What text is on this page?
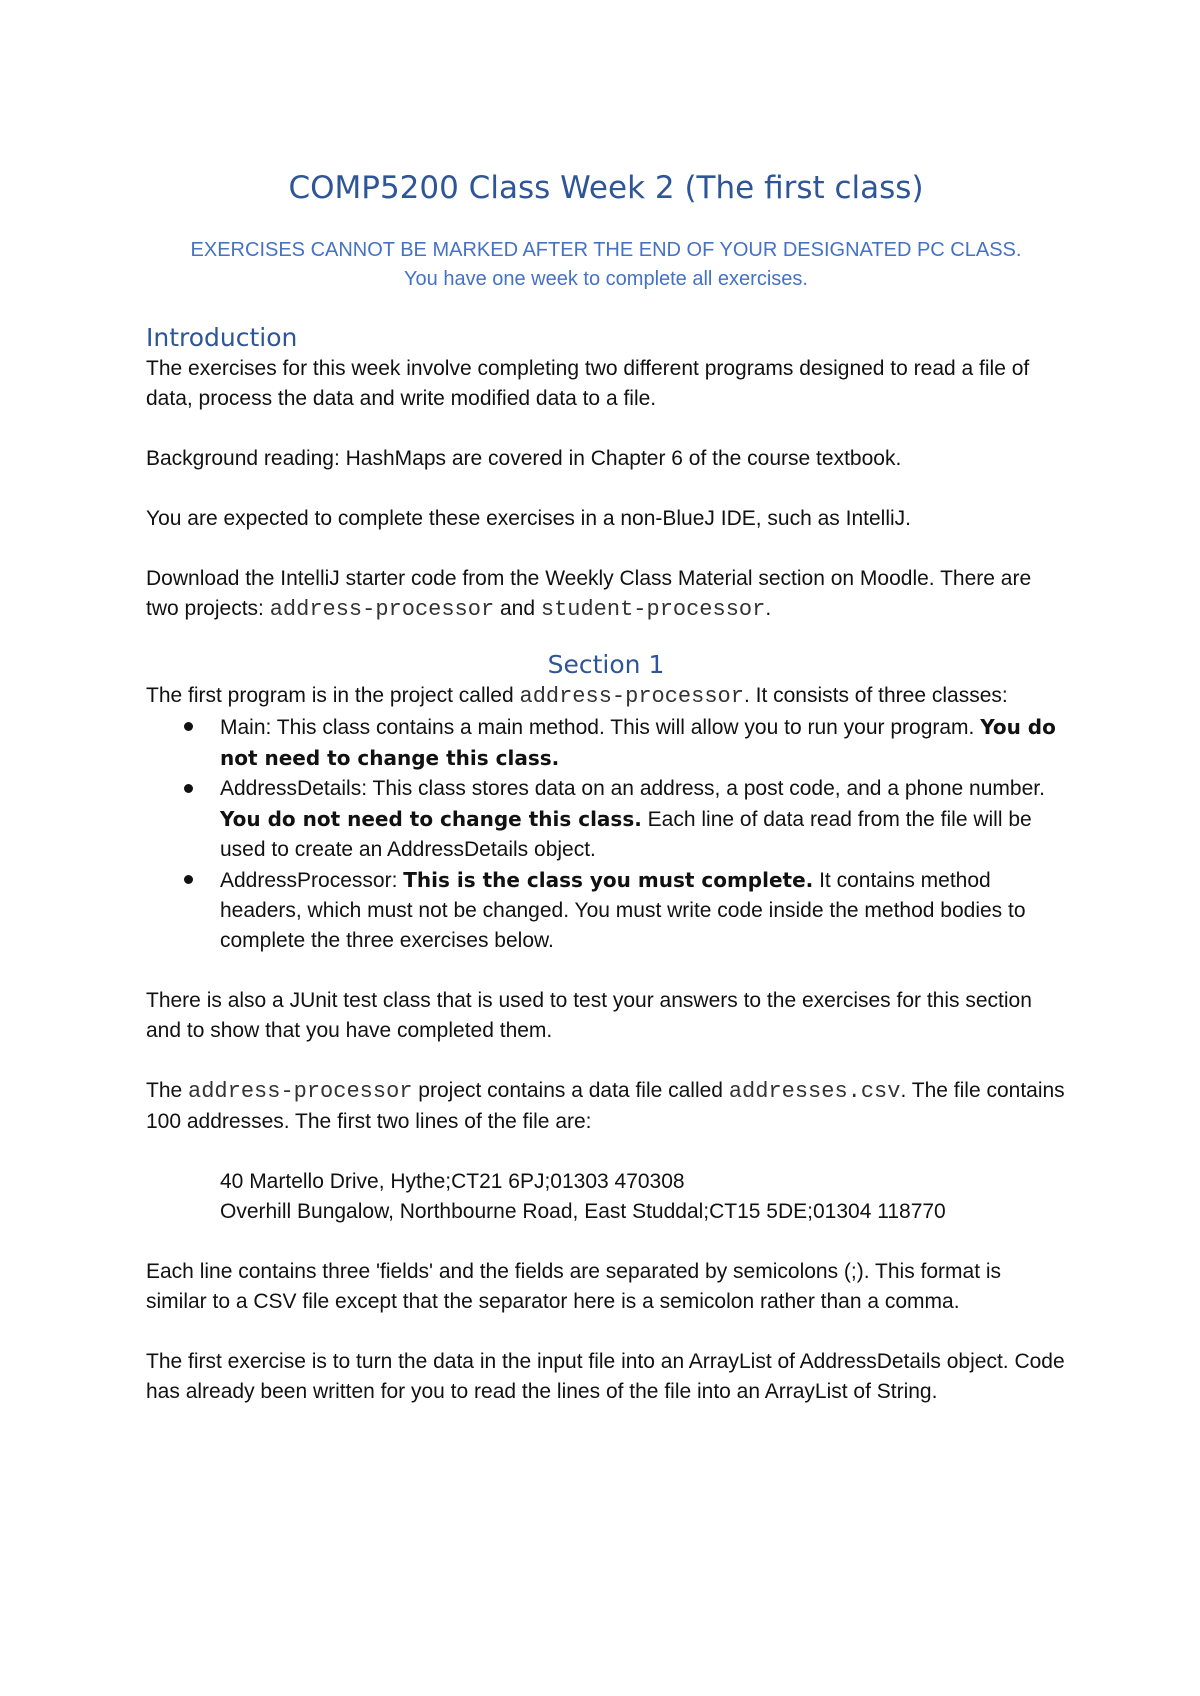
COMP5200 Class Week 2 (The first class)

EXERCISES CANNOT BE MARKED AFTER THE END OF YOUR DESIGNATED PC CLASS.

You have one week to complete all exercises.

Introduction

The exercises for this week involve completing two different programs designed to read a file of data, process the data and write modified data to a file.

Background reading: HashMaps are covered in Chapter 6 of the course textbook.

You are expected to complete these exercises in a non-BlueJ IDE, such as IntelliJ.

Download the IntelliJ starter code from the Weekly Class Material section on Moodle. There are two projects: address-processor and student-processor.

Section 1

The first program is in the project called address-processor. It consists of three classes:

Main: This class contains a main method. This will allow you to run your program. You do not need to change this class.
AddressDetails: This class stores data on an address, a post code, and a phone number. You do not need to change this class. Each line of data read from the file will be used to create an AddressDetails object.
AddressProcessor: This is the class you must complete. It contains method headers, which must not be changed. You must write code inside the method bodies to complete the three exercises below.

There is also a JUnit test class that is used to test your answers to the exercises for this section and to show that you have completed them.

The address-processor project contains a data file called addresses.csv. The file contains 100 addresses. The first two lines of the file are:

40 Martello Drive, Hythe;CT21 6PJ;01303 470308

Overhill Bungalow, Northbourne Road, East Studdal;CT15 5DE;01304 118770

Each line contains three 'fields' and the fields are separated by semicolons (;). This format is similar to a CSV file except that the separator here is a semicolon rather than a comma.

The first exercise is to turn the data in the input file into an ArrayList of AddressDetails object. Code has already been written for you to read the lines of the file into an ArrayList of String.
